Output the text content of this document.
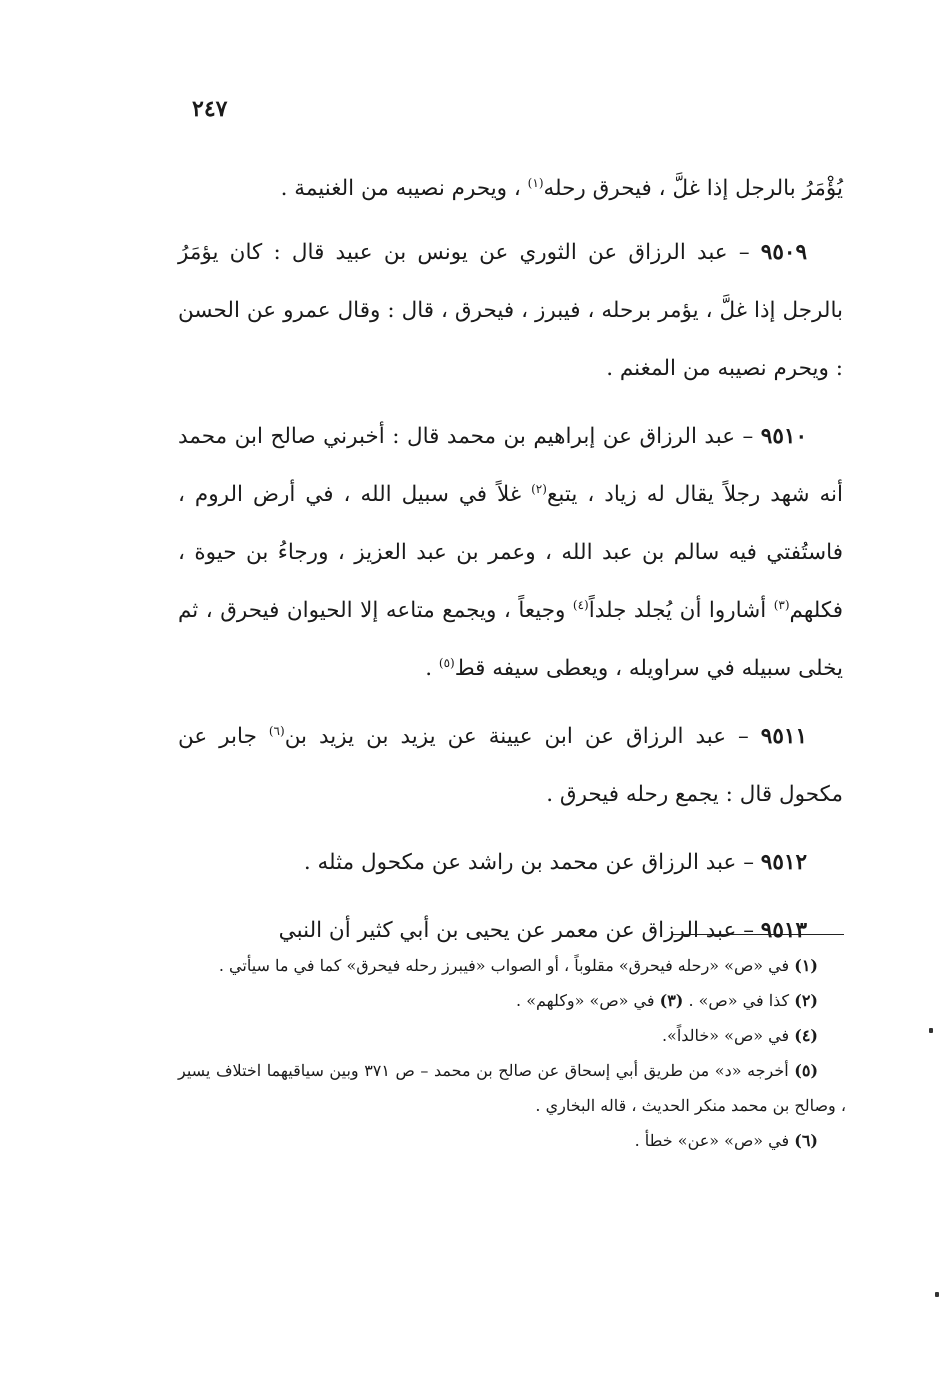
٢٤٧

يُؤْمَرُ بالرجل إذا غلَّ ، فيحرق رحله$^{(١)}$ ، ويحرم نصيبه من الغنيمة .

٩٥٠٩ – عبد الرزاق عن الثوري عن يونس بن عبيد قال : كان يؤمَرُ بالرجل إذا غلَّ ، يؤمر برحله ، فيبرز ، فيحرق ، قال : وقال عمرو عن الحسن : ويحرم نصيبه من المغنم .

٩٥١٠ – عبد الرزاق عن إبراهيم بن محمد قال : أخبرني صالح ابن محمد أنه شهد رجلاً يقال له زياد ، يتبع$^{(٢)}$ غلاً في سبيل الله ، في أرض الروم ، فاستُفتي فيه سالم بن عبد الله ، وعمر بن عبد العزيز ، ورجاءُ بن حيوة ، فكلهم$^{(٣)}$ أشاروا أن يُجلد جلداً$^{(٤)}$ وجيعاً ، ويجمع متاعه إلا الحيوان فيحرق ، ثم يخلى سبيله في سراويله ، ويعطى سيفه قط$^{(٥)}$ .

٩٥١١ – عبد الرزاق عن ابن عيينة عن يزيد بن يزيد بن$^{(٦)}$ جابر عن مكحول قال : يجمع رحله فيحرق .

٩٥١٢ – عبد الرزاق عن محمد بن راشد عن مكحول مثله .

٩٥١٣ – عبد الرزاق عن معمر عن يحيى بن أبي كثير أن النبي

(١) في «ص» «رحله فيحرق» مقلوباً ، أو الصواب «فيبرز رحله فيحرق» كما في ما سيأتي .

(٢) كذا في «ص» . (٣) في «ص» «وكلهم» .

(٤) في «ص» «خالداً».

(٥) أخرجه «د» من طريق أبي إسحاق عن صالح بن محمد – ص ٣٧١ وبين سياقيهما اختلاف يسير ، وصالح بن محمد منكر الحديث ، قاله البخاري .

(٦) في «ص» «عن» خطأ .
